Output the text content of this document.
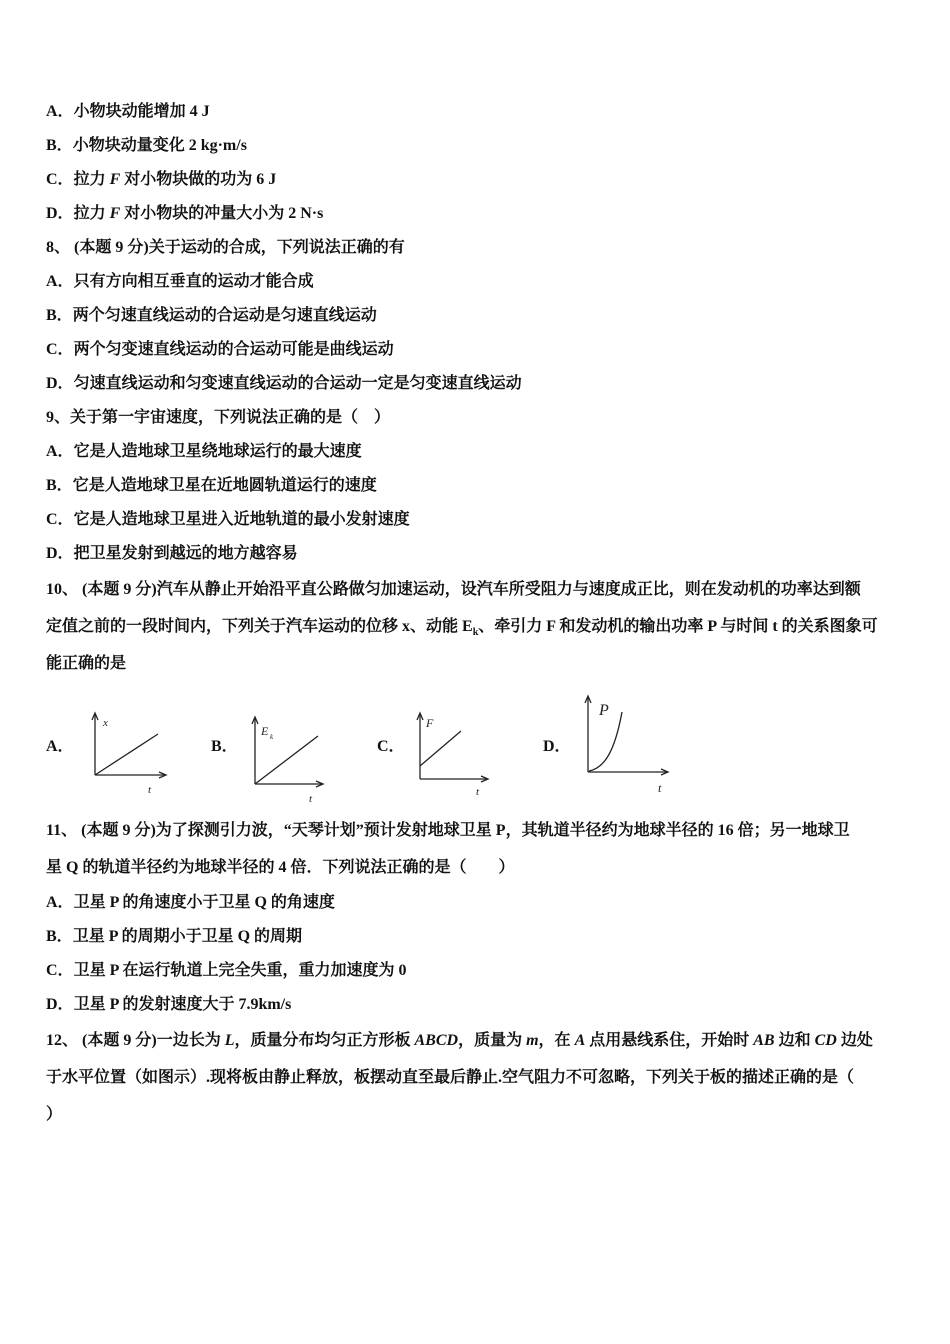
A．小物块动能增加 4 J
B．小物块动量变化 2 kg·m/s
C．拉力 F 对小物块做的功为 6 J
D．拉力 F 对小物块的冲量大小为 2 N·s
8、 (本题 9 分)关于运动的合成，下列说法正确的有
A．只有方向相互垂直的运动才能合成
B．两个匀速直线运动的合运动是匀速直线运动
C．两个匀变速直线运动的合运动可能是曲线运动
D．匀速直线运动和匀变速直线运动的合运动一定是匀变速直线运动
9、关于第一宇宙速度，下列说法正确的是（　）
A．它是人造地球卫星绕地球运行的最大速度
B．它是人造地球卫星在近地圆轨道运行的速度
C．它是人造地球卫星进入近地轨道的最小发射速度
D．把卫星发射到越远的地方越容易
10、 (本题 9 分)汽车从静止开始沿平直公路做匀加速运动，设汽车所受阻力与速度成正比，则在发动机的功率达到额
定值之前的一段时间内，下列关于汽车运动的位移 x、动能 $E_k$、牵引力 F 和发动机的输出功率 P 与时间 t 的关系图象可
能正确的是
A．
x
t
B．
E k
t
C．
F
t
D．
P
t
11、 (本题 9 分)为了探测引力波，“天琴计划”预计发射地球卫星 P，其轨道半径约为地球半径的 16 倍；另一地球卫
星 Q 的轨道半径约为地球半径的 4 倍．下列说法正确的是（　　）
A．卫星 P 的角速度小于卫星 Q 的角速度
B．卫星 P 的周期小于卫星 Q 的周期
C．卫星 P 在运行轨道上完全失重，重力加速度为 0
D．卫星 P 的发射速度大于 7.9km/s
12、 (本题 9 分)一边长为 L，质量分布均匀正方形板 ABCD，质量为 m，在 A 点用悬线系住，开始时 AB 边和 CD 边处
于水平位置（如图示）.现将板由静止释放，板摆动直至最后静止.空气阻力不可忽略，下列关于板的描述正确的是（
）
